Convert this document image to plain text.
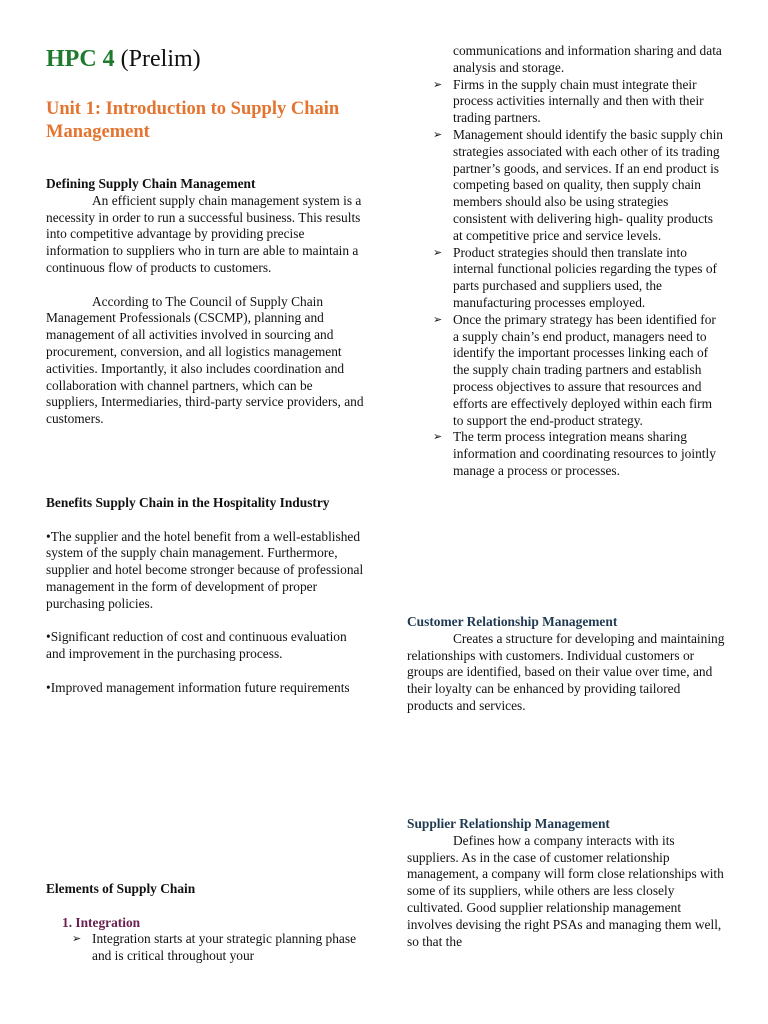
HPC 4 (Prelim)
Unit 1: Introduction to Supply Chain Management

Defining Supply Chain Management

An efficient supply chain management system is a necessity in order to run a successful business. This results into competitive advantage by providing precise information to suppliers who in turn are able to maintain a continuous flow of products to customers.

According to The Council of Supply Chain Management Professionals (CSCMP), planning and management of all activities involved in sourcing and procurement, conversion, and all logistics management activities. Importantly, it also includes coordination and collaboration with channel partners, which can be suppliers, Intermediaries, third-party service providers, and customers.

Benefits Supply Chain in the Hospitality Industry

•The supplier and the hotel benefit from a well-established system of the supply chain management. Furthermore, supplier and hotel become stronger because of professional management in the form of development of proper purchasing policies.

•Significant reduction of cost and continuous evaluation and improvement in the purchasing process.

•Improved management information future requirements

Elements of Supply Chain

1. Integration

➢ Integration starts at your strategic planning phase and is critical throughout your

communications and information sharing and data analysis and storage.

➢ Firms in the supply chain must integrate their process activities internally and then with their trading partners.
➢ Management should identify the basic supply chin strategies associated with each other of its trading partner’s goods, and services. If an end product is competing based on quality, then supply chain members should also be using strategies consistent with delivering high- quality products at competitive price and service levels.
➢ Product strategies should then translate into internal functional policies regarding the types of parts purchased and suppliers used, the manufacturing processes employed.
➢ Once the primary strategy has been identified for a supply chain’s end product, managers need to identify the important processes linking each of the supply chain trading partners and establish process objectives to assure that resources and efforts are effectively deployed within each firm to support the end-product strategy.
➢ The term process integration means sharing information and coordinating resources to jointly manage a process or processes.

Customer Relationship Management

Creates a structure for developing and maintaining relationships with customers. Individual customers or groups are identified, based on their value over time, and their loyalty can be enhanced by providing tailored products and services.

Supplier Relationship Management

Defines how a company interacts with its suppliers. As in the case of customer relationship management, a company will form close relationships with some of its suppliers, while others are less closely cultivated. Good supplier relationship management involves devising the right PSAs and managing them well, so that the
